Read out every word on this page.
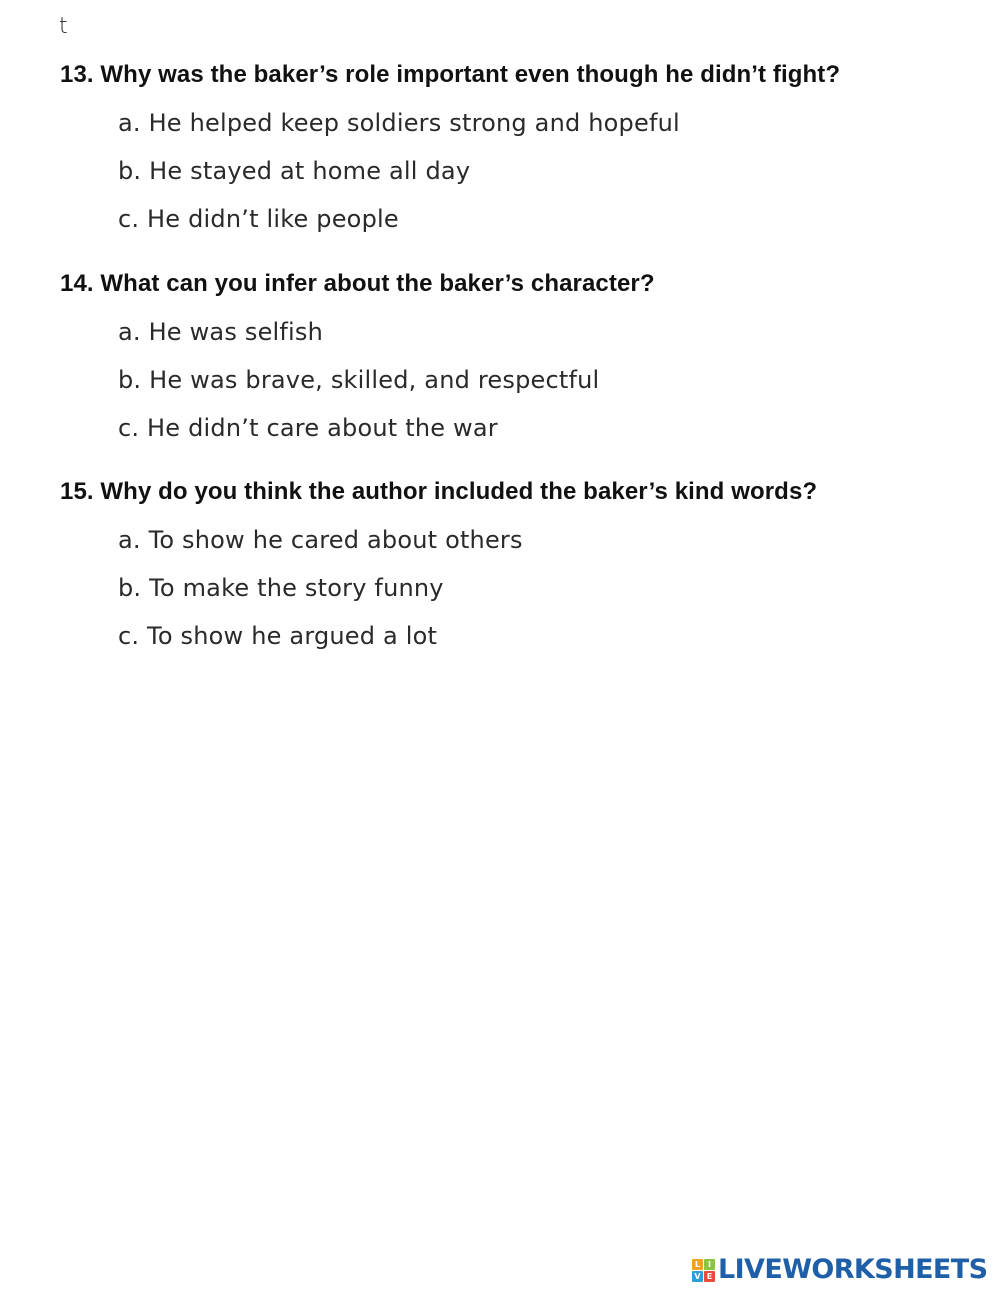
t
13. Why was the baker’s role important even though he didn’t fight?
a. He helped keep soldiers strong and hopeful
b. He stayed at home all day
c. He didn’t like people
14. What can you infer about the baker’s character?
a. He was selfish
b. He was brave, skilled, and respectful
c. He didn’t care about the war
15. Why do you think the author included the baker’s kind words?
a. To show he cared about others
b. To make the story funny
c. To show he argued a lot
L I
V E LIVEWORKSHEETS
